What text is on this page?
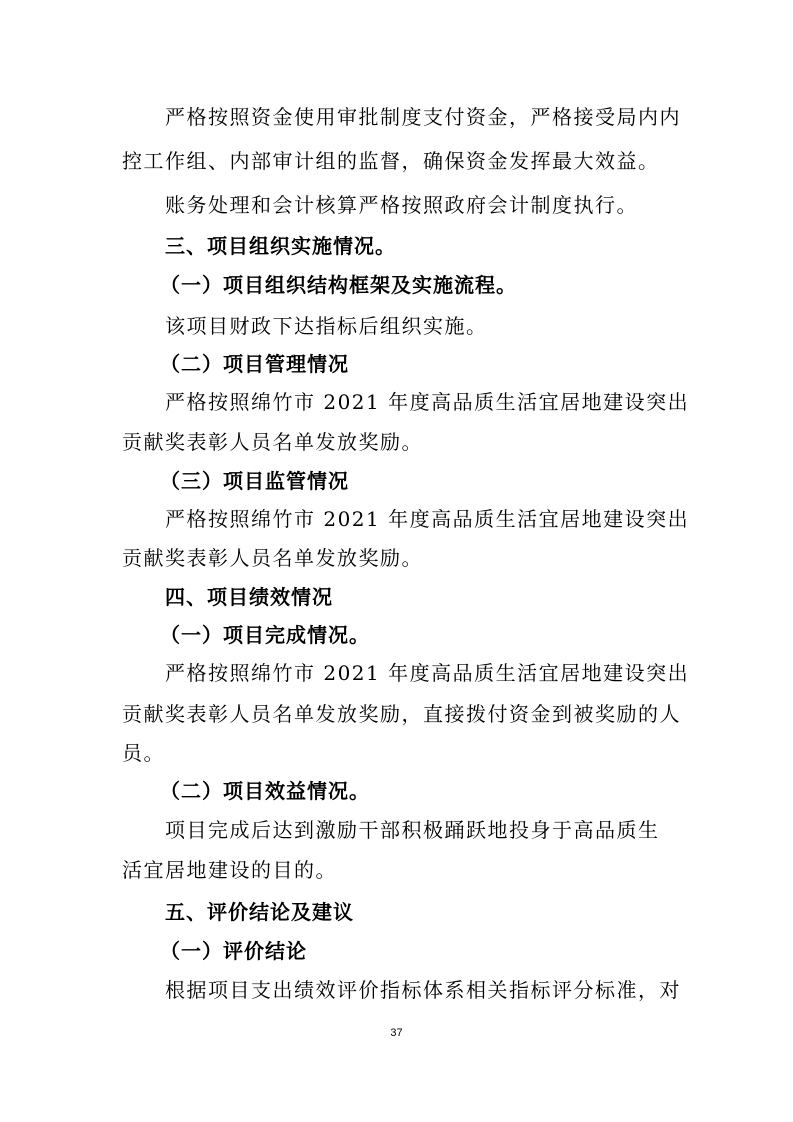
严格按照资金使用审批制度支付资金，严格接受局内内
控工作组、内部审计组的监督，确保资金发挥最大效益。
账务处理和会计核算严格按照政府会计制度执行。
三、项目组织实施情况。
（一）项目组织结构框架及实施流程。
该项目财政下达指标后组织实施。
（二）项目管理情况
严格按照绵竹市 2021 年度高品质生活宜居地建设突出
贡献奖表彰人员名单发放奖励。
（三）项目监管情况
严格按照绵竹市 2021 年度高品质生活宜居地建设突出
贡献奖表彰人员名单发放奖励。
四、项目绩效情况
（一）项目完成情况。
严格按照绵竹市 2021 年度高品质生活宜居地建设突出
贡献奖表彰人员名单发放奖励，直接拨付资金到被奖励的人
员。
（二）项目效益情况。
项目完成后达到激励干部积极踊跃地投身于高品质生
活宜居地建设的目的。
五、评价结论及建议
（一）评价结论
根据项目支出绩效评价指标体系相关指标评分标准，对
37
